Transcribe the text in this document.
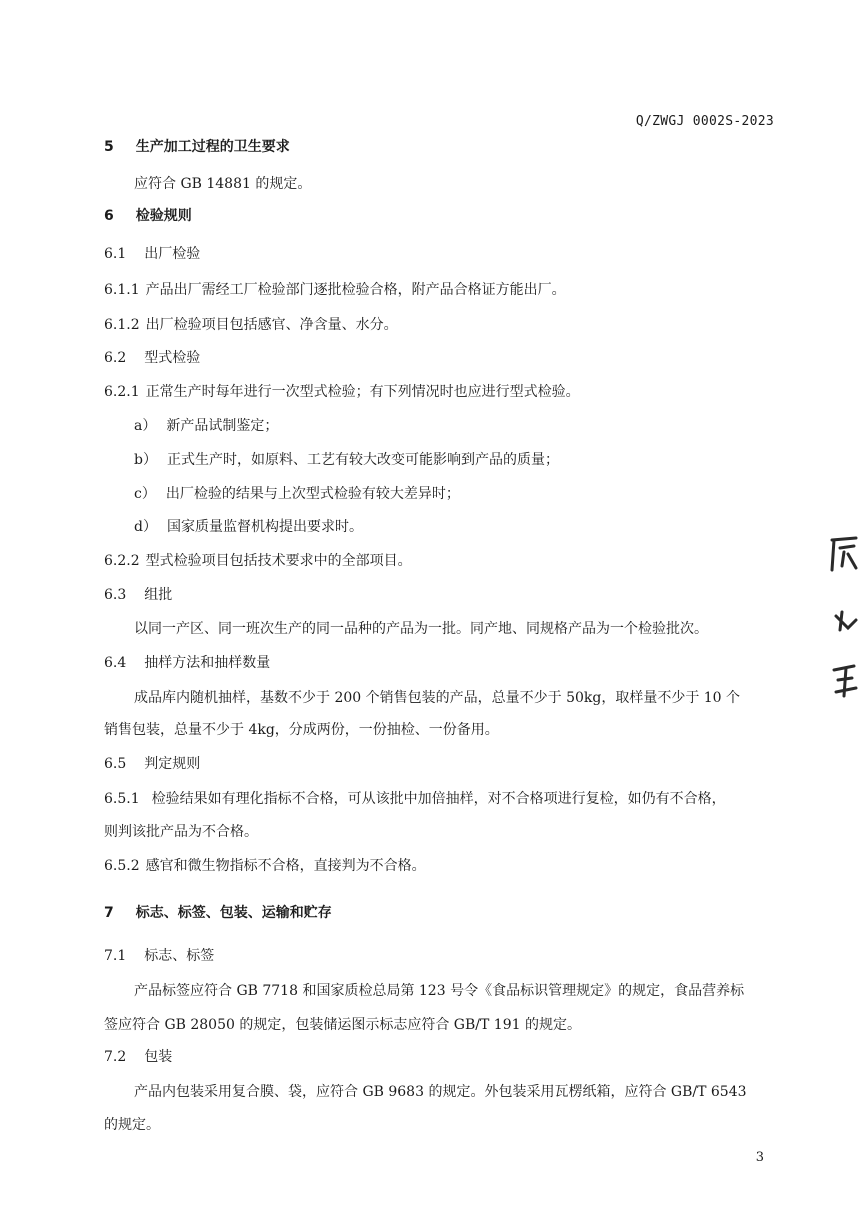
Q/ZWGJ 0002S-2023
5 生产加工过程的卫生要求
应符合 GB 14881 的规定。
6 检验规则
6.1 出厂检验
6.1.1 产品出厂需经工厂检验部门逐批检验合格，附产品合格证方能出厂。
6.1.2 出厂检验项目包括感官、净含量、水分。
6.2 型式检验
6.2.1 正常生产时每年进行一次型式检验；有下列情况时也应进行型式检验。
a） 新产品试制鉴定；
b） 正式生产时，如原料、工艺有较大改变可能影响到产品的质量；
c） 出厂检验的结果与上次型式检验有较大差异时；
d） 国家质量监督机构提出要求时。
6.2.2 型式检验项目包括技术要求中的全部项目。
6.3 组批
以同一产区、同一班次生产的同一品种的产品为一批。同产地、同规格产品为一个检验批次。
6.4 抽样方法和抽样数量
成品库内随机抽样，基数不少于 200 个销售包装的产品，总量不少于 50kg，取样量不少于 10 个
销售包装，总量不少于 4kg，分成两份，一份抽检、一份备用。
6.5 判定规则
6.5.1 检验结果如有理化指标不合格，可从该批中加倍抽样，对不合格项进行复检，如仍有不合格，
则判该批产品为不合格。
6.5.2 感官和微生物指标不合格，直接判为不合格。
7 标志、标签、包装、运输和贮存
7.1 标志、标签
产品标签应符合 GB 7718 和国家质检总局第 123 号令《食品标识管理规定》的规定，食品营养标
签应符合 GB 28050 的规定，包装储运图示标志应符合 GB/T 191 的规定。
7.2 包装
产品内包装采用复合膜、袋，应符合 GB 9683 的规定。外包装采用瓦楞纸箱，应符合 GB/T 6543
的规定。
3
